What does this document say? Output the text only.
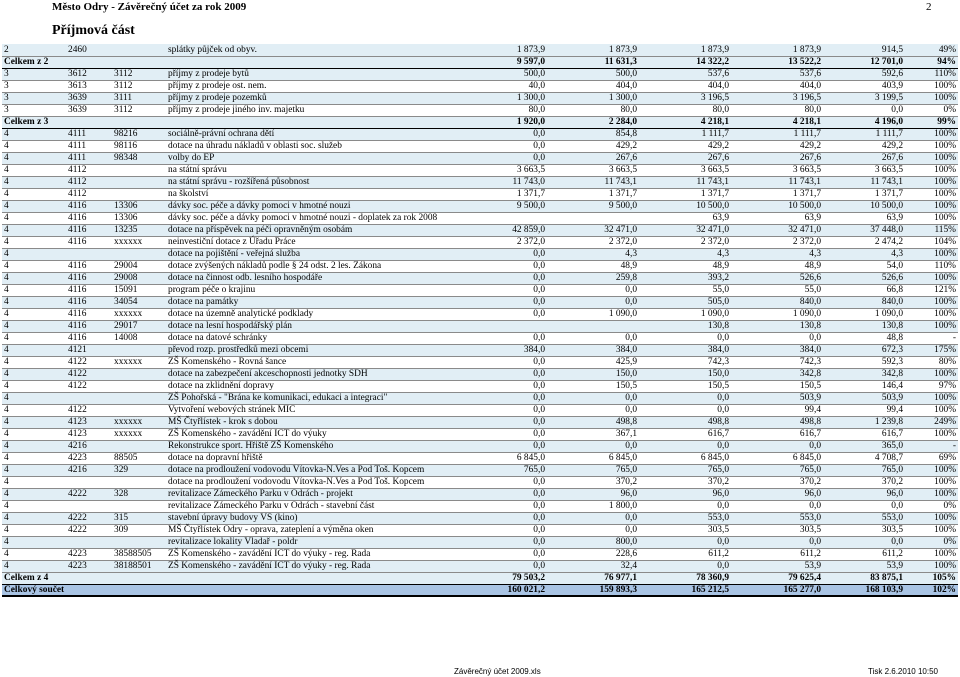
Město Odry - Závěrečný účet za rok 2009	2
Příjmová část
2	2460		splátky půjček od obyv.	1 873,9	1 873,9	1 873,9	1 873,9	914,5	49%
Celkem z 2				9 597,0	11 631,3	14 322,2	13 522,2	12 701,0	94%
3	3612	3112	příjmy z prodeje bytů	500,0	500,0	537,6	537,6	592,6	110%
3	3613	3112	příjmy z prodeje ost. nem.	40,0	404,0	404,0	404,0	403,9	100%
3	3639	3111	příjmy z prodeje pozemků	1 300,0	1 300,0	3 196,5	3 196,5	3 199,5	100%
3	3639	3112	příjmy z prodeje jiného inv. majetku	80,0	80,0	80,0	80,0	0,0	0%
Celkem z 3				1 920,0	2 284,0	4 218,1	4 218,1	4 196,0	99%
4	4111	98216	sociálně-právní ochrana dětí	0,0	854,8	1 111,7	1 111,7	1 111,7	100%
4	4111	98116	dotace na úhradu nákladů v oblasti soc. služeb	0,0	429,2	429,2	429,2	429,2	100%
4	4111	98348	volby do EP	0,0	267,6	267,6	267,6	267,6	100%
4	4112		na státní správu	3 663,5	3 663,5	3 663,5	3 663,5	3 663,5	100%
4	4112		na státní správu - rozšířená působnost	11 743,0	11 743,1	11 743,1	11 743,1	11 743,1	100%
4	4112		na školství	1 371,7	1 371,7	1 371,7	1 371,7	1 371,7	100%
4	4116	13306	dávky soc. péče a dávky pomoci v hmotné nouzi	9 500,0	9 500,0	10 500,0	10 500,0	10 500,0	100%
4	4116	13306	dávky soc. péče a dávky pomoci v hmotné nouzi - doplatek za rok 2008			63,9	63,9	63,9	100%
4	4116	13235	dotace na příspěvek na péči opravněným osobám	42 859,0	32 471,0	32 471,0	32 471,0	37 448,0	115%
4	4116	xxxxxx	neinvestiční dotace z Úřadu Práce	2 372,0	2 372,0	2 372,0	2 372,0	2 474,2	104%
4			dotace na pojištění - veřejná služba	0,0	4,3	4,3	4,3	4,3	100%
4	4116	29004	dotace zvýšených nákladů podle § 24 odst. 2 les. Zákona	0,0	48,9	48,9	48,9	54,0	110%
4	4116	29008	dotace na činnost odb. lesního hospodáře	0,0	259,8	393,2	526,6	526,6	100%
4	4116	15091	program péče o krajinu	0,0	0,0	55,0	55,0	66,8	121%
4	4116	34054	dotace na památky	0,0	0,0	505,0	840,0	840,0	100%
4	4116	xxxxxx	dotace na územně analytické podklady	0,0	1 090,0	1 090,0	1 090,0	1 090,0	100%
4	4116	29017	dotace na lesní hospodářský plán			130,8	130,8	130,8	100%
4	4116	14008	dotace na datové schránky	0,0	0,0	0,0	0,0	48,8	-
4	4121		převod rozp. prostředků mezi obcemi	384,0	384,0	384,0	384,0	672,3	175%
4	4122	xxxxxx	ZŠ Komenského - Rovná šance	0,0	425,9	742,3	742,3	592,3	80%
4	4122		dotace na zabezpečení akceschopnosti jednotky SDH	0,0	150,0	150,0	342,8	342,8	100%
4	4122		dotace na zklidnění dopravy	0,0	150,5	150,5	150,5	146,4	97%
4			ZŠ Pohořská - "Brána ke komunikaci, edukaci a integraci"	0,0	0,0	0,0	503,9	503,9	100%
4	4122		Vytvoření webových stránek MIC	0,0	0,0	0,0	99,4	99,4	100%
4	4123	xxxxxx	MŠ Čtyřlístek - krok s dobou	0,0	498,8	498,8	498,8	1 239,8	249%
4	4123	xxxxxx	ZŠ Komenského - zavádění ICT do výuky	0,0	367,1	616,7	616,7	616,7	100%
4	4216		Rekonstrukce sport. Hřiště ZŠ Komenského	0,0	0,0	0,0	0,0	365,0	-
4	4223	88505	dotace na dopravní hřiště	6 845,0	6 845,0	6 845,0	6 845,0	4 708,7	69%
4	4216	329	dotace na prodloužení vodovodu Vítovka-N.Ves a Pod Toš. Kopcem	765,0	765,0	765,0	765,0	765,0	100%
4			dotace na prodloužení vodovodu Vítovka-N.Ves a Pod Toš. Kopcem	0,0	370,2	370,2	370,2	370,2	100%
4	4222	328	revitalizace Zámeckého Parku v Odrách - projekt	0,0	96,0	96,0	96,0	96,0	100%
4			revitalizace Zámeckého Parku v Odrách - stavební část	0,0	1 800,0	0,0	0,0	0,0	0%
4	4222	315	stavební úpravy budovy VS (kino)	0,0	0,0	553,0	553,0	553,0	100%
4	4222	309	MŠ Čtyřlístek Odry - oprava, zateplení a výměna oken	0,0	0,0	303,5	303,5	303,5	100%
4			revitalizace lokality Vladař - poldr	0,0	800,0	0,0	0,0	0,0	0%
4	4223	38588505	ZŠ Komenského - zavádění ICT do výuky - reg. Rada	0,0	228,6	611,2	611,2	611,2	100%
4	4223	38188501	ZŠ Komenského - zavádění ICT do výuky - reg. Rada	0,0	32,4	0,0	53,9	53,9	100%
Celkem z 4				79 503,2	76 977,1	78 360,9	79 625,4	83 875,1	105%
Celkový součet				160 021,2	159 893,3	165 212,5	165 277,0	168 103,9	102%
Závěrečný účet 2009.xls	Tisk 2.6.2010 10:50
